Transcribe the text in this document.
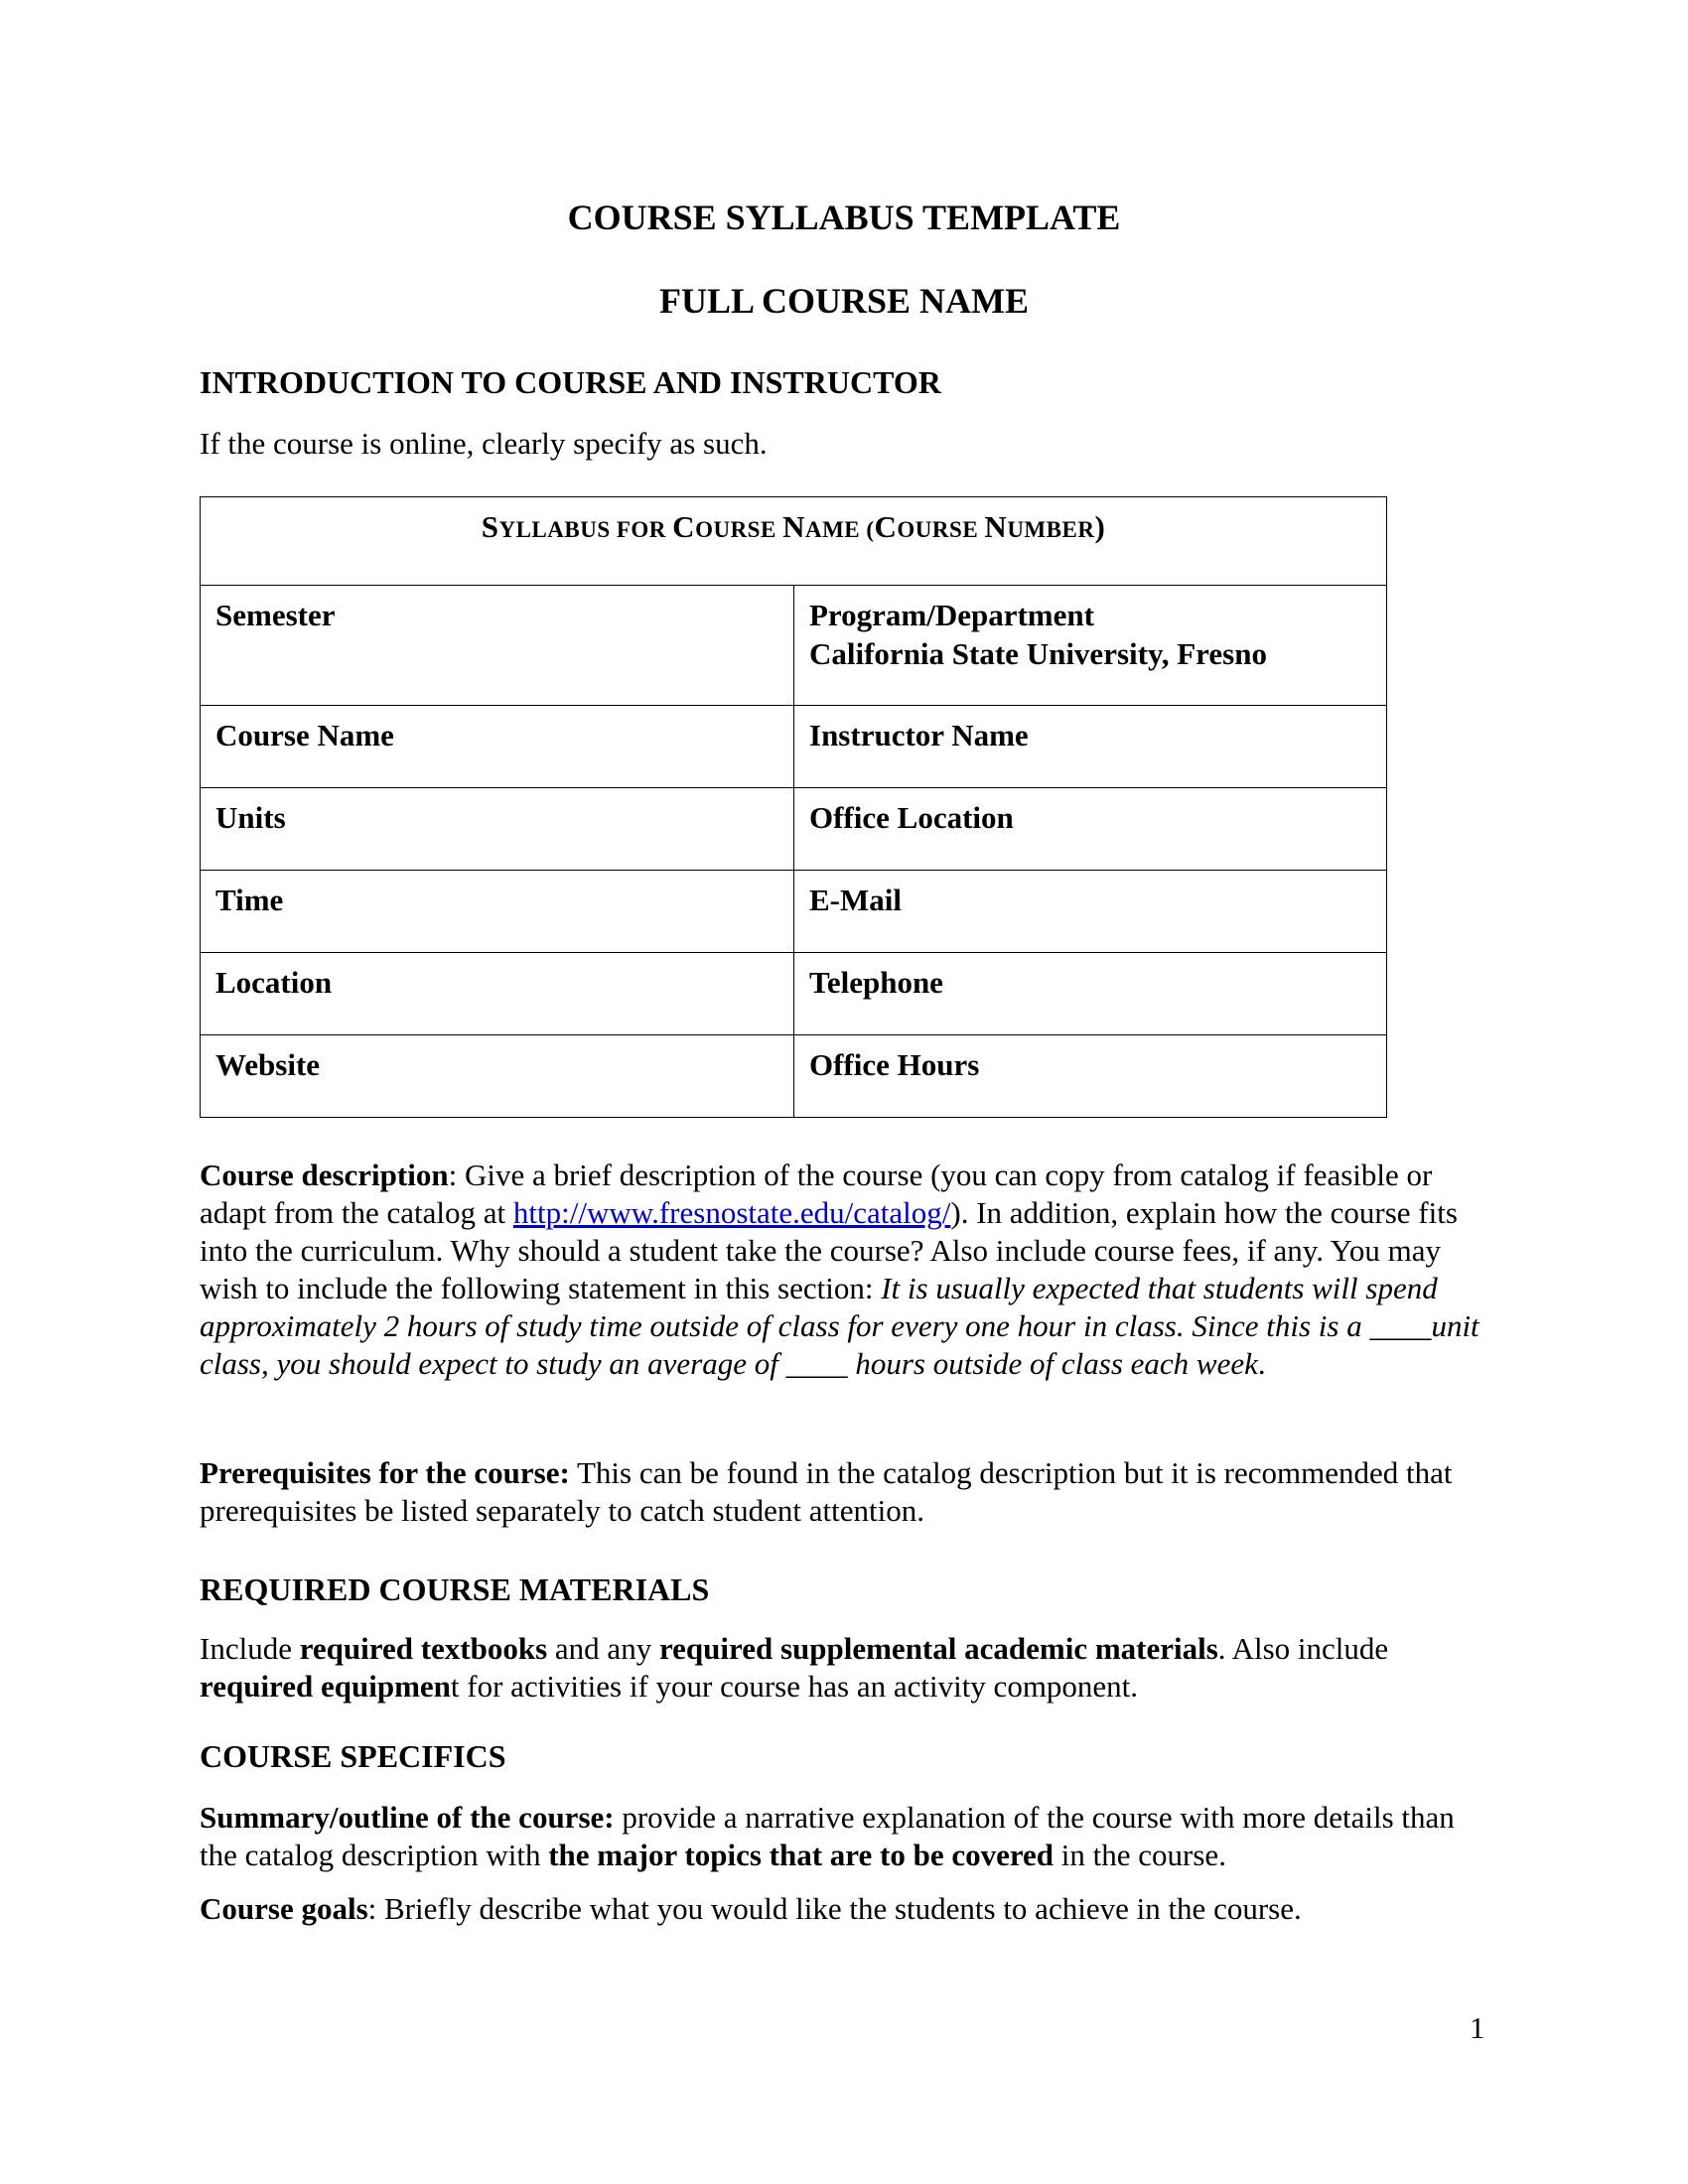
COURSE SYLLABUS TEMPLATE
FULL COURSE NAME
INTRODUCTION TO COURSE AND INSTRUCTOR

If the course is online, clearly specify as such.

SYLLABUS FOR COURSE NAME (COURSE NUMBER)	
Semester	Program/Department
California State University, Fresno

Course Name	Instructor Name
Units	Office Location
Time	E-Mail
Location	Telephone
Website	Office Hours

Course description: Give a brief description of the course (you can copy from catalog if feasible or adapt from the catalog at http://www.fresnostate.edu/catalog/). In addition, explain how the course fits into the curriculum. Why should a student take the course? Also include course fees, if any. You may wish to include the following statement in this section: It is usually expected that students will spend approximately 2 hours of study time outside of class for every one hour in class. Since this is a ____unit class, you should expect to study an average of ____ hours outside of class each week.

Prerequisites for the course: This can be found in the catalog description but it is recommended that prerequisites be listed separately to catch student attention.

REQUIRED COURSE MATERIALS

Include required textbooks and any required supplemental academic materials. Also include required equipment for activities if your course has an activity component.

COURSE SPECIFICS

Summary/outline of the course: provide a narrative explanation of the course with more details than the catalog description with the major topics that are to be covered in the course.

Course goals: Briefly describe what you would like the students to achieve in the course.

1
